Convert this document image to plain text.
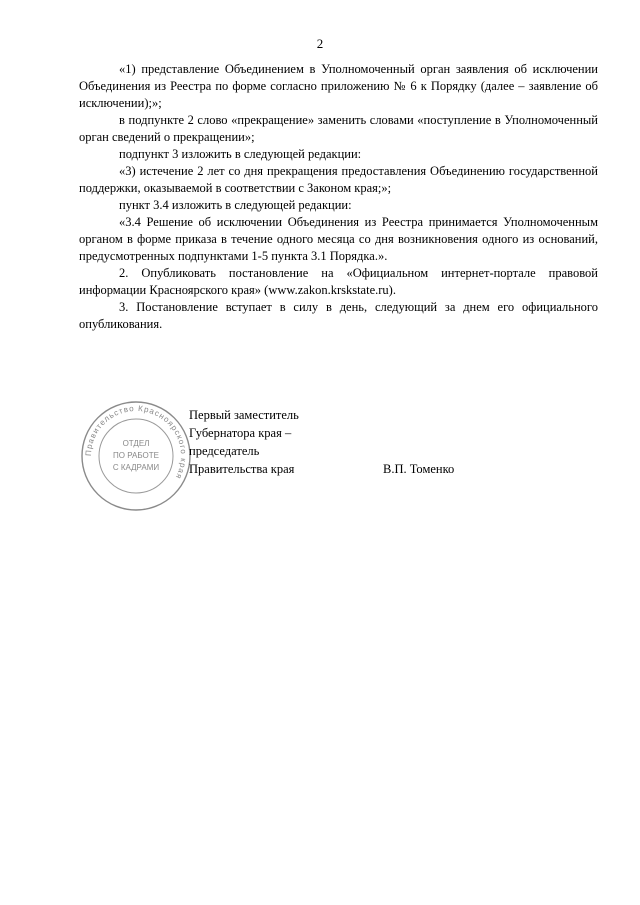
2

«1) представление Объединением в Уполномоченный орган заявления об исключении Объединения из Реестра по форме согласно приложению № 6 к Порядку (далее – заявление об исключении);»;

в подпункте 2 слово «прекращение» заменить словами «поступление в Уполномоченный орган сведений о прекращении»;

подпункт 3 изложить в следующей редакции:

«3) истечение 2 лет со дня прекращения предоставления Объединению государственной поддержки, оказываемой в соответствии с Законом края;»;

пункт 3.4 изложить в следующей редакции:

«3.4 Решение об исключении Объединения из Реестра принимается Уполномоченным органом в форме приказа в течение одного месяца со дня возникновения одного из оснований, предусмотренных подпунктами 1-5 пункта 3.1 Порядка.».

2. Опубликовать постановление на «Официальном интернет-портале правовой информации Красноярского края» (www.zakon.krskstate.ru).

3. Постановление вступает в силу в день, следующий за днем его официального опубликования.

Правительство Красноярского края
ОТДЕЛ
ПО РАБОТЕ
С КАДРАМИ
Первый заместитель
Губернатора края –
председатель
Правительства края	В.П. Томенко
